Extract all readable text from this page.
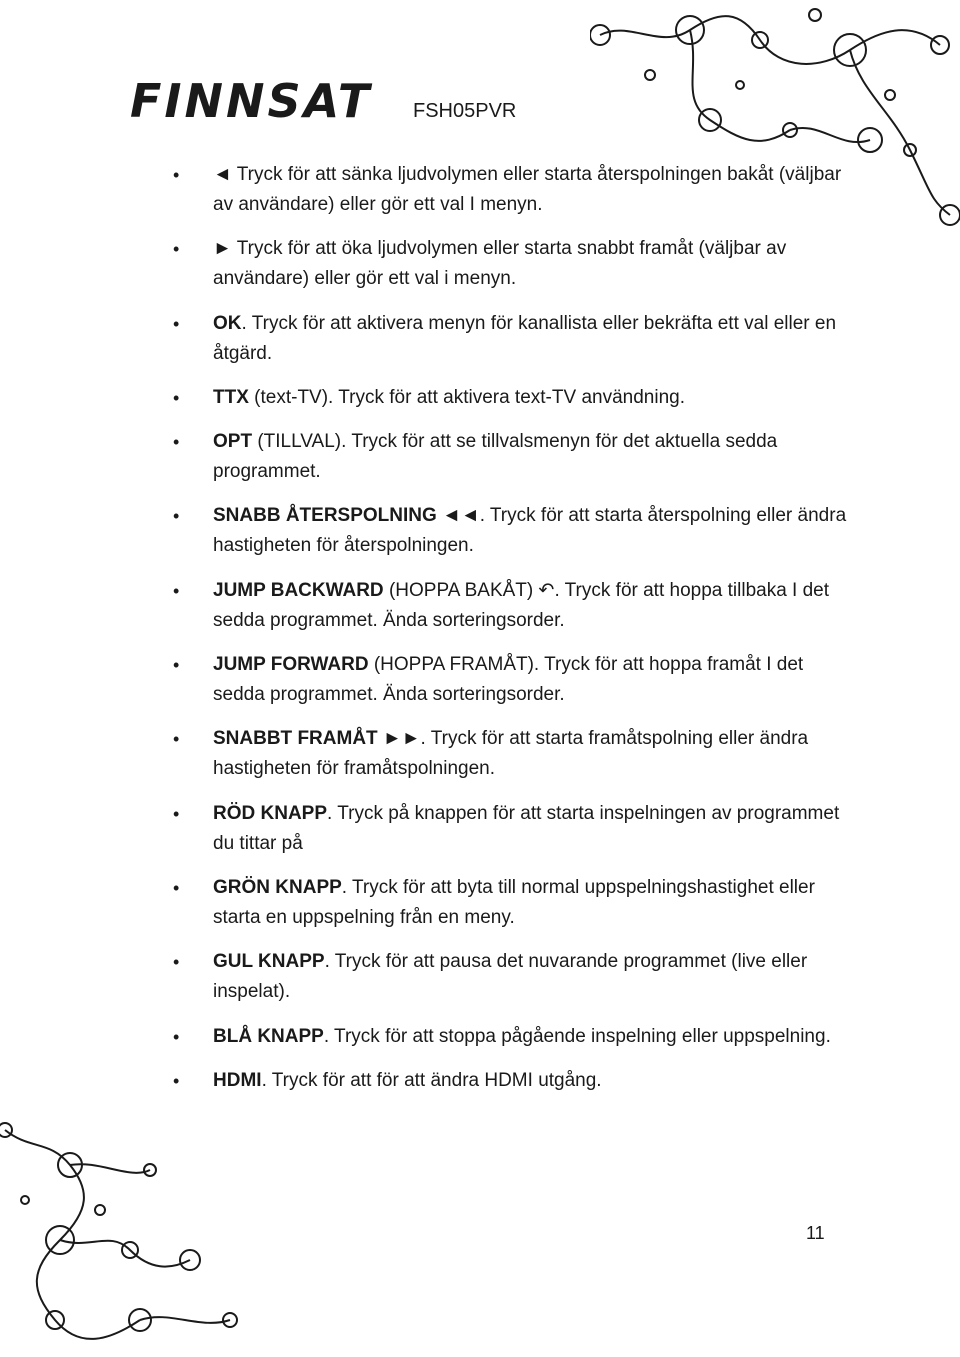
FINNSAT FSH05PVR
• ◄ Tryck för att sänka ljudvolymen eller starta återspolningen bakåt (väljbar av användare) eller gör ett val I menyn.
• ► Tryck för att öka ljudvolymen eller starta snabbt framåt (väljbar av användare) eller gör ett val i menyn.
• OK. Tryck för att aktivera menyn för kanallista eller bekräfta ett val eller en åtgärd.
• TTX (text-TV). Tryck för att aktivera text-TV användning.
• OPT (TILLVAL). Tryck för att se tillvalsmenyn för det aktuella sedda programmet.
• SNABB ÅTERSPOLNING ◄◄. Tryck för att starta återspolning eller ändra hastigheten för återspolningen.
• JUMP BACKWARD (HOPPA BAKÅT) ↶. Tryck för att hoppa tillbaka I det sedda programmet. Ända sorteringsorder.
• JUMP FORWARD (HOPPA FRAMÅT). Tryck för att hoppa framåt I det sedda programmet. Ända sorteringsorder.
• SNABBT FRAMÅT ►►. Tryck för att starta framåtspolning eller ändra hastigheten för framåtspolningen.
• RÖD KNAPP. Tryck på knappen för att starta inspelningen av programmet du tittar på
• GRÖN KNAPP. Tryck för att byta till normal uppspelningshastighet eller starta en uppspelning från en meny.
• GUL KNAPP. Tryck för att pausa det nuvarande programmet (live eller inspelat).
• BLÅ KNAPP. Tryck för att stoppa pågående inspelning eller uppspelning.
• HDMI. Tryck för att för att ändra HDMI utgång.
11
